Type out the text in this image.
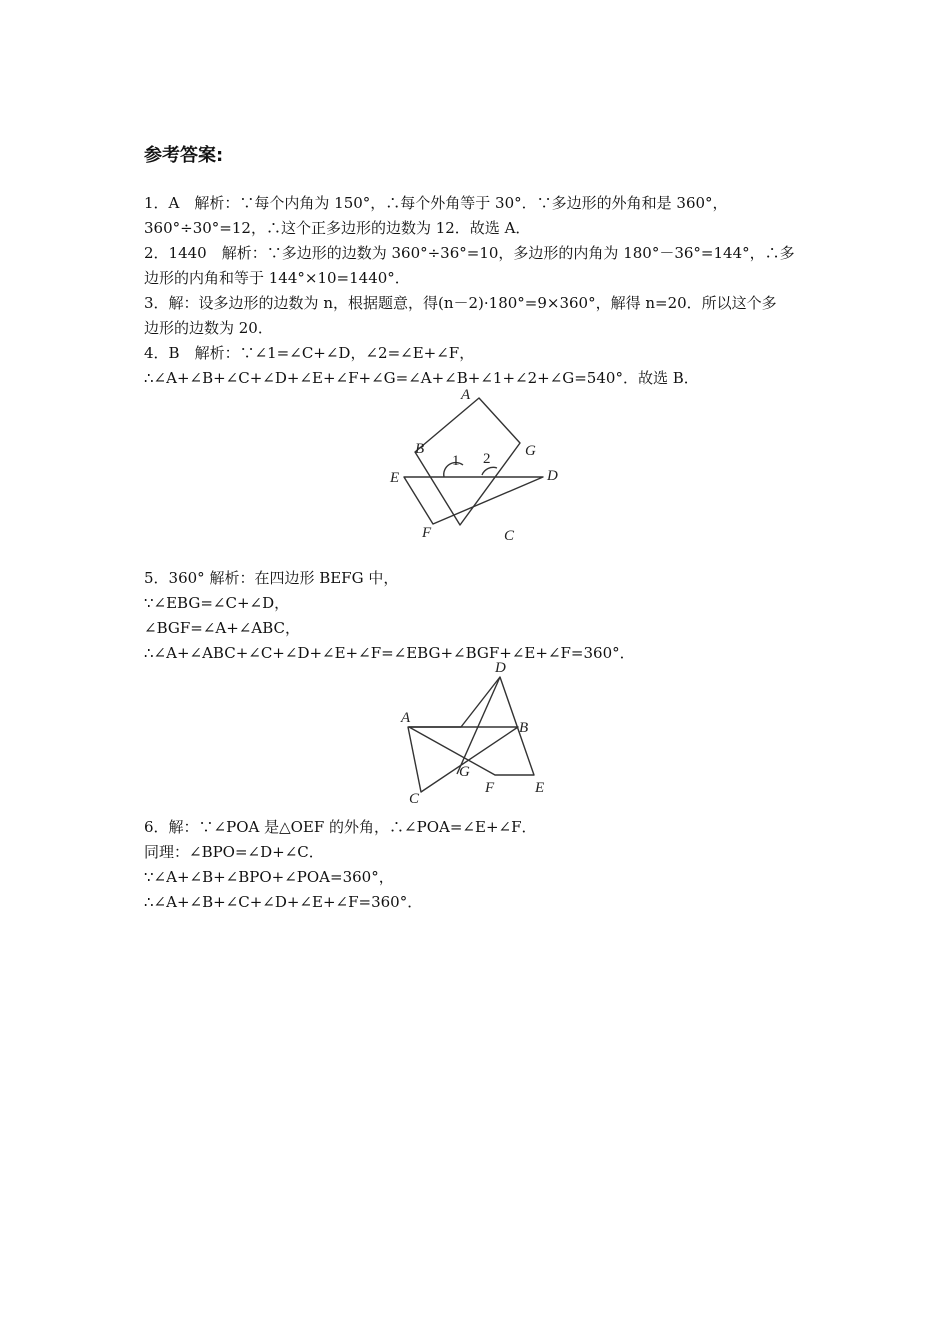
参考答案:
1．A　解析：∵每个内角为 150°，∴每个外角等于 30°．∵多边形的外角和是 360°，
360°÷30°=12，∴这个正多边形的边数为 12．故选 A．
2．1440　解析：∵多边形的边数为 360°÷36°=10，多边形的内角为 180°－36°=144°，∴多
边形的内角和等于 144°×10=1440°．
3．解：设多边形的边数为 n，根据题意，得(n－2)·180°=9×360°，解得 n=20．所以这个多
边形的边数为 20．
4．B　解析：∵∠1=∠C+∠D，∠2=∠E+∠F，
∴∠A+∠B+∠C+∠D+∠E+∠F+∠G=∠A+∠B+∠1+∠2+∠G=540°．故选 B．
A
B	G
E	D
F	C
1 2
5．360° 解析：在四边形 BEFG 中，
∵∠EBG=∠C+∠D，
∠BGF=∠A+∠ABC，
∴∠A+∠ABC+∠C+∠D+∠E+∠F=∠EBG+∠BGF+∠E+∠F=360°．
D
A
B
G
F	E
C
6．解：∵∠POA 是△OEF 的外角，∴∠POA=∠E+∠F．
同理：∠BPO=∠D+∠C．
∵∠A+∠B+∠BPO+∠POA=360°，
∴∠A+∠B+∠C+∠D+∠E+∠F=360°．
